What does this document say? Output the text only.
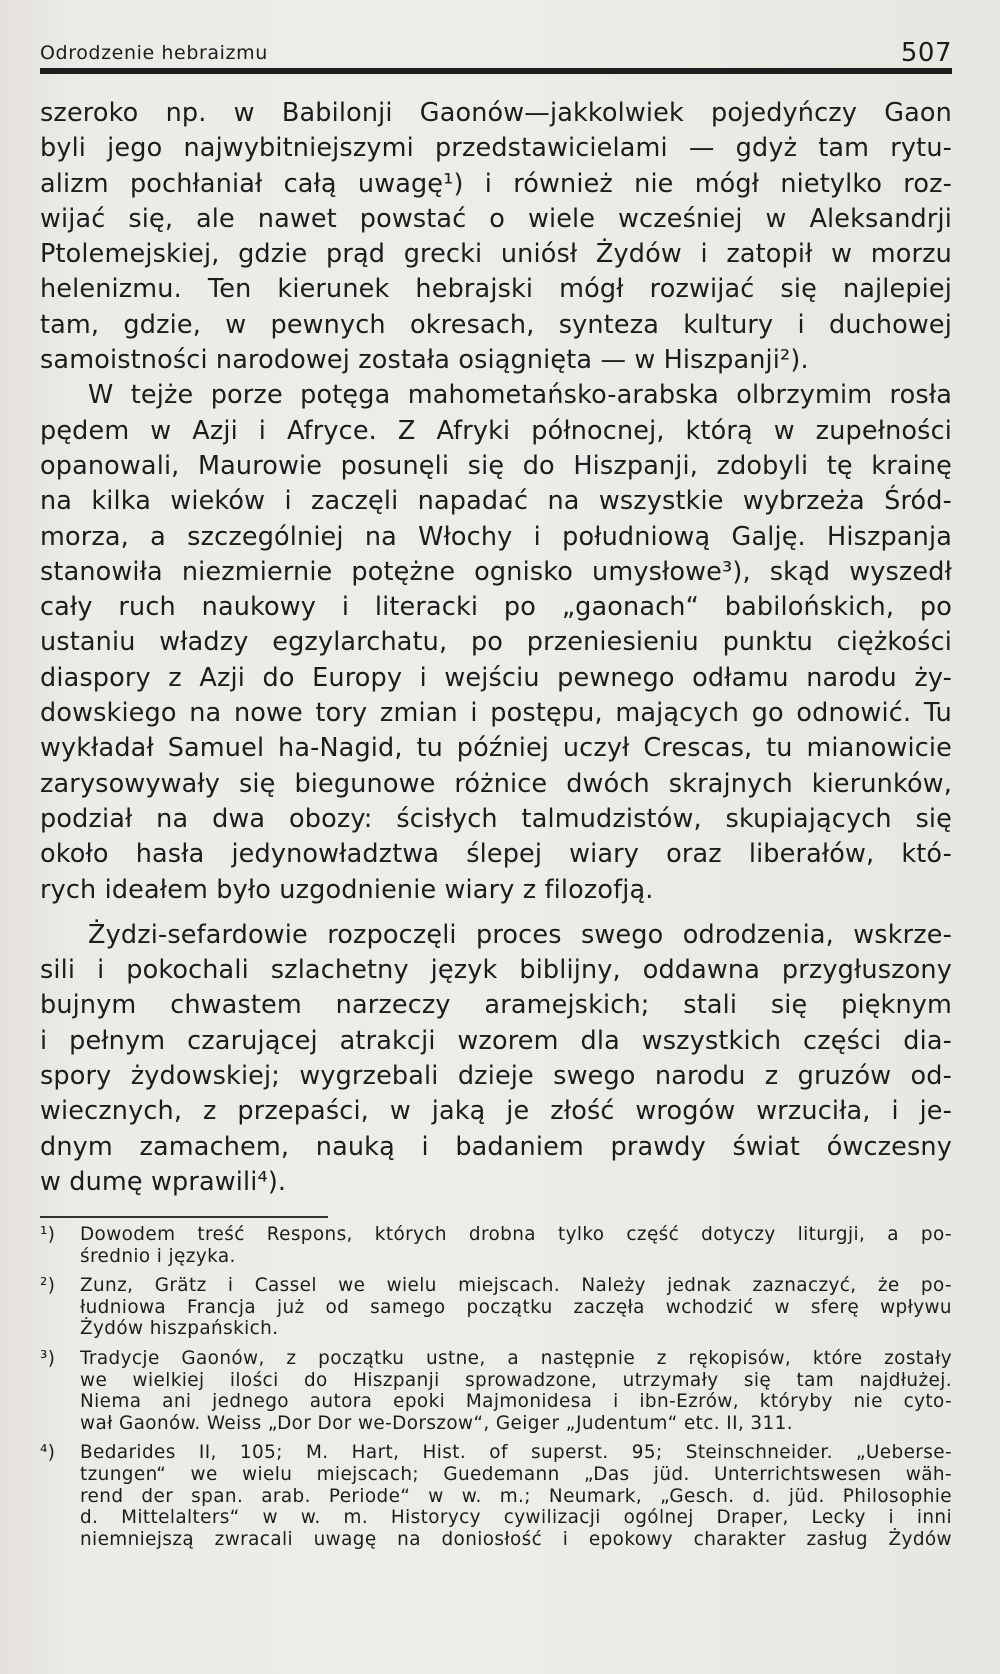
Odrodzenie hebraizmu	507
szeroko np. w Babilonji Gaonów—jakkolwiek pojedyńczy Gaon
byli jego najwybitniejszymi przedstawicielami — gdyż tam rytu-
alizm pochłaniał całą uwagę¹) i również nie mógł nietylko roz-
wijać się, ale nawet powstać o wiele wcześniej w Aleksandrji
Ptolemejskiej, gdzie prąd grecki uniósł Żydów i zatopił w morzu
helenizmu. Ten kierunek hebrajski mógł rozwijać się najlepiej
tam, gdzie, w pewnych okresach, synteza kultury i duchowej
samoistności narodowej została osiągnięta — w Hiszpanji²).
W tejże porze potęga mahometańsko-arabska olbrzymim rosła
pędem w Azji i Afryce. Z Afryki północnej, którą w zupełności
opanowali, Maurowie posunęli się do Hiszpanji, zdobyli tę krainę
na kilka wieków i zaczęli napadać na wszystkie wybrzeża Śród-
morza, a szczególniej na Włochy i południową Galję. Hiszpanja
stanowiła niezmiernie potężne ognisko umysłowe³), skąd wyszedł
cały ruch naukowy i literacki po „gaonach“ babilońskich, po
ustaniu władzy egzylarchatu, po przeniesieniu punktu ciężkości
diaspory z Azji do Europy i wejściu pewnego odłamu narodu ży-
dowskiego na nowe tory zmian i postępu, mających go odnowić. Tu
wykładał Samuel ha-Nagid, tu później uczył Crescas, tu mianowicie
zarysowywały się biegunowe różnice dwóch skrajnych kierunków,
podział na dwa obozy: ścisłych talmudzistów, skupiających się
około hasła jedynowładztwa ślepej wiary oraz liberałów, któ-
rych ideałem było uzgodnienie wiary z filozofją.
Żydzi-sefardowie rozpoczęli proces swego odrodzenia, wskrze-
sili i pokochali szlachetny język biblijny, oddawna przygłuszony
bujnym chwastem narzeczy aramejskich; stali się pięknym
i pełnym czarującej atrakcji wzorem dla wszystkich części dia-
spory żydowskiej; wygrzebali dzieje swego narodu z gruzów od-
wiecznych, z przepaści, w jaką je złość wrogów wrzuciła, i je-
dnym zamachem, nauką i badaniem prawdy świat ówczesny
w dumę wprawili⁴).
¹) Dowodem treść Respons, których drobna tylko część dotyczy liturgji, a po-
średnio i języka.
²) Zunz, Grätz i Cassel we wielu miejscach. Należy jednak zaznaczyć, że po-
łudniowa Francja już od samego początku zaczęła wchodzić w sferę wpływu
Żydów hiszpańskich.
³) Tradycje Gaonów, z początku ustne, a następnie z rękopisów, które zostały
we wielkiej ilości do Hiszpanji sprowadzone, utrzymały się tam najdłużej.
Niema ani jednego autora epoki Majmonidesa i ibn-Ezrów, któryby nie cyto-
wał Gaonów. Weiss „Dor Dor we-Dorszow“, Geiger „Judentum“ etc. II, 311.
⁴) Bedarides II, 105; M. Hart, Hist. of superst. 95; Steinschneider. „Ueberse-
tzungen“ we wielu miejscach; Guedemann „Das jüd. Unterrichtswesen wäh-
rend der span. arab. Periode“ w w. m.; Neumark, „Gesch. d. jüd. Philosophie
d. Mittelalters“ w w. m. Historycy cywilizacji ogólnej Draper, Lecky i inni
niemniejszą zwracali uwagę na doniosłość i epokowy charakter zasług Żydów
